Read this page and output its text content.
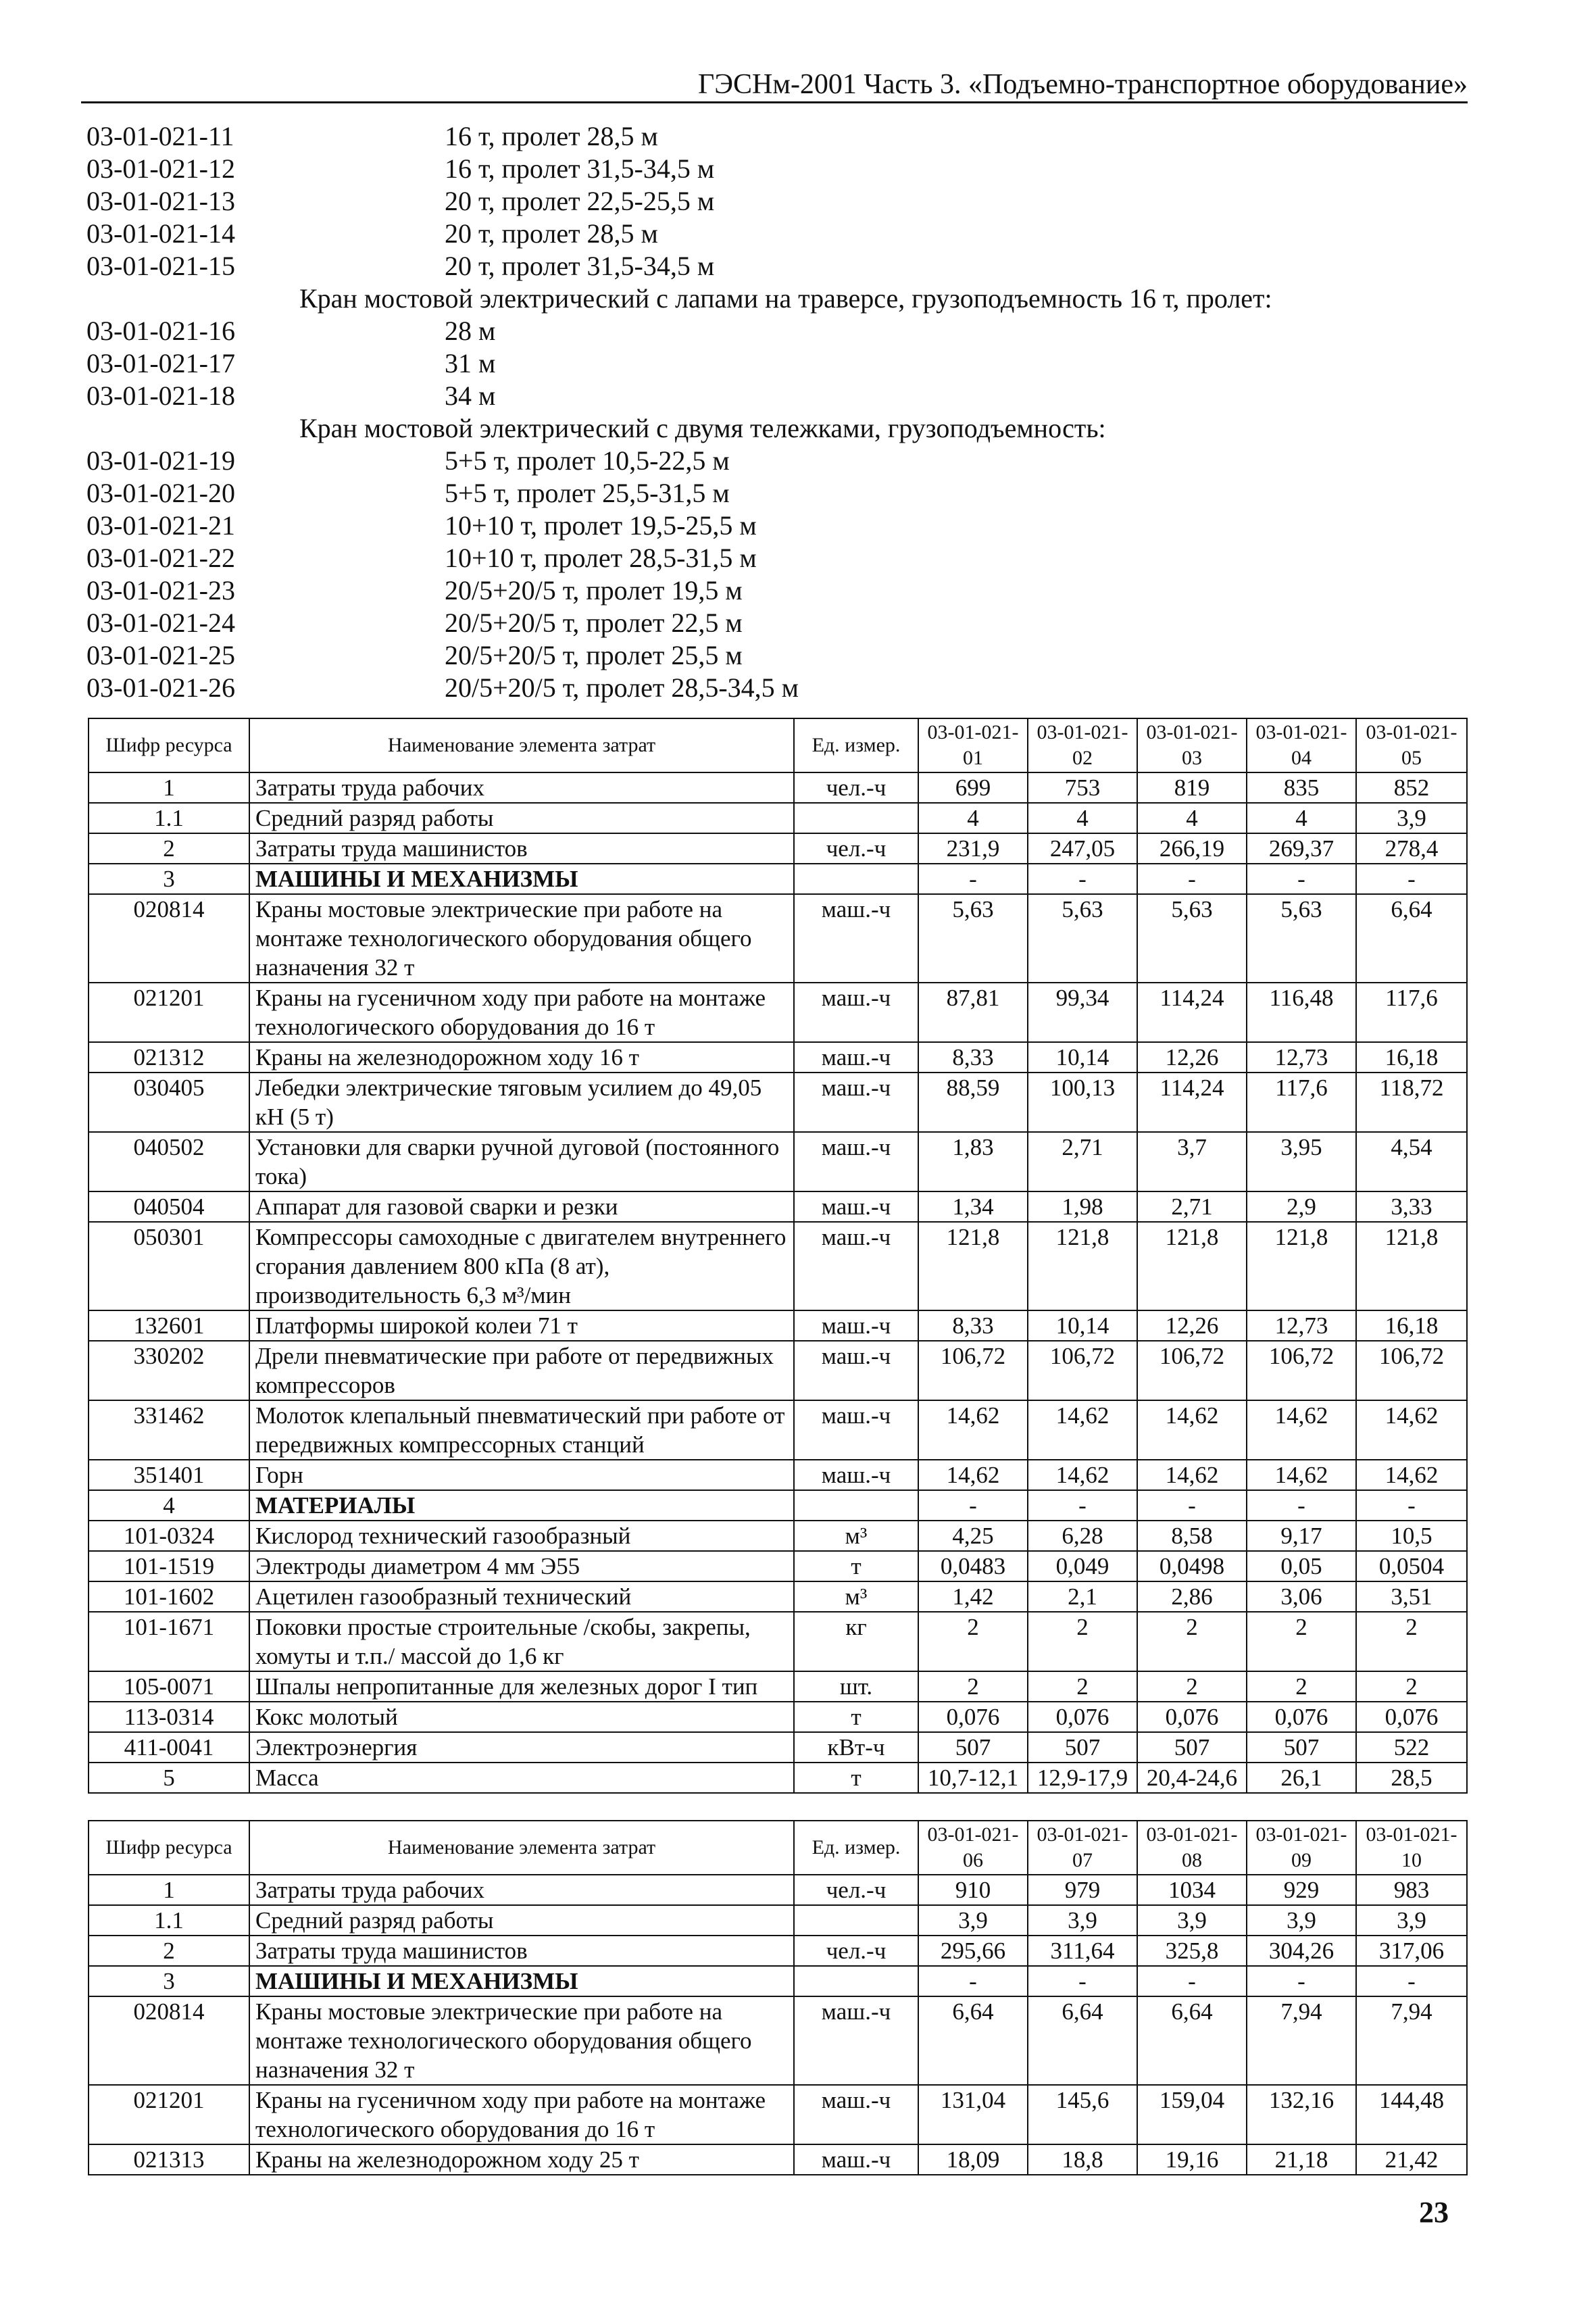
ГЭСНм-2001 Часть 3. «Подъемно-транспортное оборудование»
03-01-021-11	16 т, пролет 28,5 м
03-01-021-12	16 т, пролет 31,5-34,5 м
03-01-021-13	20 т, пролет 22,5-25,5 м
03-01-021-14	20 т, пролет 28,5 м
03-01-021-15	20 т, пролет 31,5-34,5 м
Кран мостовой электрический с лапами на траверсе, грузоподъемность 16 т, пролет:
03-01-021-16	28 м
03-01-021-17	31 м
03-01-021-18	34 м
Кран мостовой электрический с двумя тележками, грузоподъемность:
03-01-021-19	5+5 т, пролет 10,5-22,5 м
03-01-021-20	5+5 т, пролет 25,5-31,5 м
03-01-021-21	10+10 т, пролет 19,5-25,5 м
03-01-021-22	10+10 т, пролет 28,5-31,5 м
03-01-021-23	20/5+20/5 т, пролет 19,5 м
03-01-021-24	20/5+20/5 т, пролет 22,5 м
03-01-021-25	20/5+20/5 т, пролет 25,5 м
03-01-021-26	20/5+20/5 т, пролет 28,5-34,5 м
Шифр ресурса	Наименование элемента затрат	Ед. измер.	03-01-021-01	03-01-021-02	03-01-021-03	03-01-021-04	03-01-021-05
1	Затраты труда рабочих	чел.-ч	699	753	819	835	852
1.1	Средний разряд работы		4	4	4	4	3,9
2	Затраты труда машинистов	чел.-ч	231,9	247,05	266,19	269,37	278,4
3	МАШИНЫ И МЕХАНИЗМЫ		-	-	-	-	-
020814	Краны мостовые электрические при работе на монтаже технологического оборудования общего назначения 32 т	маш.-ч	5,63	5,63	5,63	5,63	6,64
021201	Краны на гусеничном ходу при работе на монтаже технологического оборудования до 16 т	маш.-ч	87,81	99,34	114,24	116,48	117,6
021312	Краны на железнодорожном ходу 16 т	маш.-ч	8,33	10,14	12,26	12,73	16,18
030405	Лебедки электрические тяговым усилием до 49,05 кН (5 т)	маш.-ч	88,59	100,13	114,24	117,6	118,72
040502	Установки для сварки ручной дуговой (постоянного тока)	маш.-ч	1,83	2,71	3,7	3,95	4,54
040504	Аппарат для газовой сварки и резки	маш.-ч	1,34	1,98	2,71	2,9	3,33
050301	Компрессоры самоходные с двигателем внутреннего сгорания давлением 800 кПа (8 ат), производительность 6,3 м³/мин	маш.-ч	121,8	121,8	121,8	121,8	121,8
132601	Платформы широкой колеи 71 т	маш.-ч	8,33	10,14	12,26	12,73	16,18
330202	Дрели пневматические при работе от передвижных компрессоров	маш.-ч	106,72	106,72	106,72	106,72	106,72
331462	Молоток клепальный пневматический при работе от передвижных компрессорных станций	маш.-ч	14,62	14,62	14,62	14,62	14,62
351401	Горн	маш.-ч	14,62	14,62	14,62	14,62	14,62
4	МАТЕРИАЛЫ		-	-	-	-	-
101-0324	Кислород технический газообразный	м³	4,25	6,28	8,58	9,17	10,5
101-1519	Электроды диаметром 4 мм Э55	т	0,0483	0,049	0,0498	0,05	0,0504
101-1602	Ацетилен газообразный технический	м³	1,42	2,1	2,86	3,06	3,51
101-1671	Поковки простые строительные /скобы, закрепы, хомуты и т.п./ массой до 1,6 кг	кг	2	2	2	2	2
105-0071	Шпалы непропитанные для железных дорог I тип	шт.	2	2	2	2	2
113-0314	Кокс молотый	т	0,076	0,076	0,076	0,076	0,076
411-0041	Электроэнергия	кВт-ч	507	507	507	507	522
5	Масса	т	10,7-12,1	12,9-17,9	20,4-24,6	26,1	28,5
Шифр ресурса	Наименование элемента затрат	Ед. измер.	03-01-021-06	03-01-021-07	03-01-021-08	03-01-021-09	03-01-021-10
1	Затраты труда рабочих	чел.-ч	910	979	1034	929	983
1.1	Средний разряд работы		3,9	3,9	3,9	3,9	3,9
2	Затраты труда машинистов	чел.-ч	295,66	311,64	325,8	304,26	317,06
3	МАШИНЫ И МЕХАНИЗМЫ		-	-	-	-	-
020814	Краны мостовые электрические при работе на монтаже технологического оборудования общего назначения 32 т	маш.-ч	6,64	6,64	6,64	7,94	7,94
021201	Краны на гусеничном ходу при работе на монтаже технологического оборудования до 16 т	маш.-ч	131,04	145,6	159,04	132,16	144,48
021313	Краны на железнодорожном ходу 25 т	маш.-ч	18,09	18,8	19,16	21,18	21,42
23
